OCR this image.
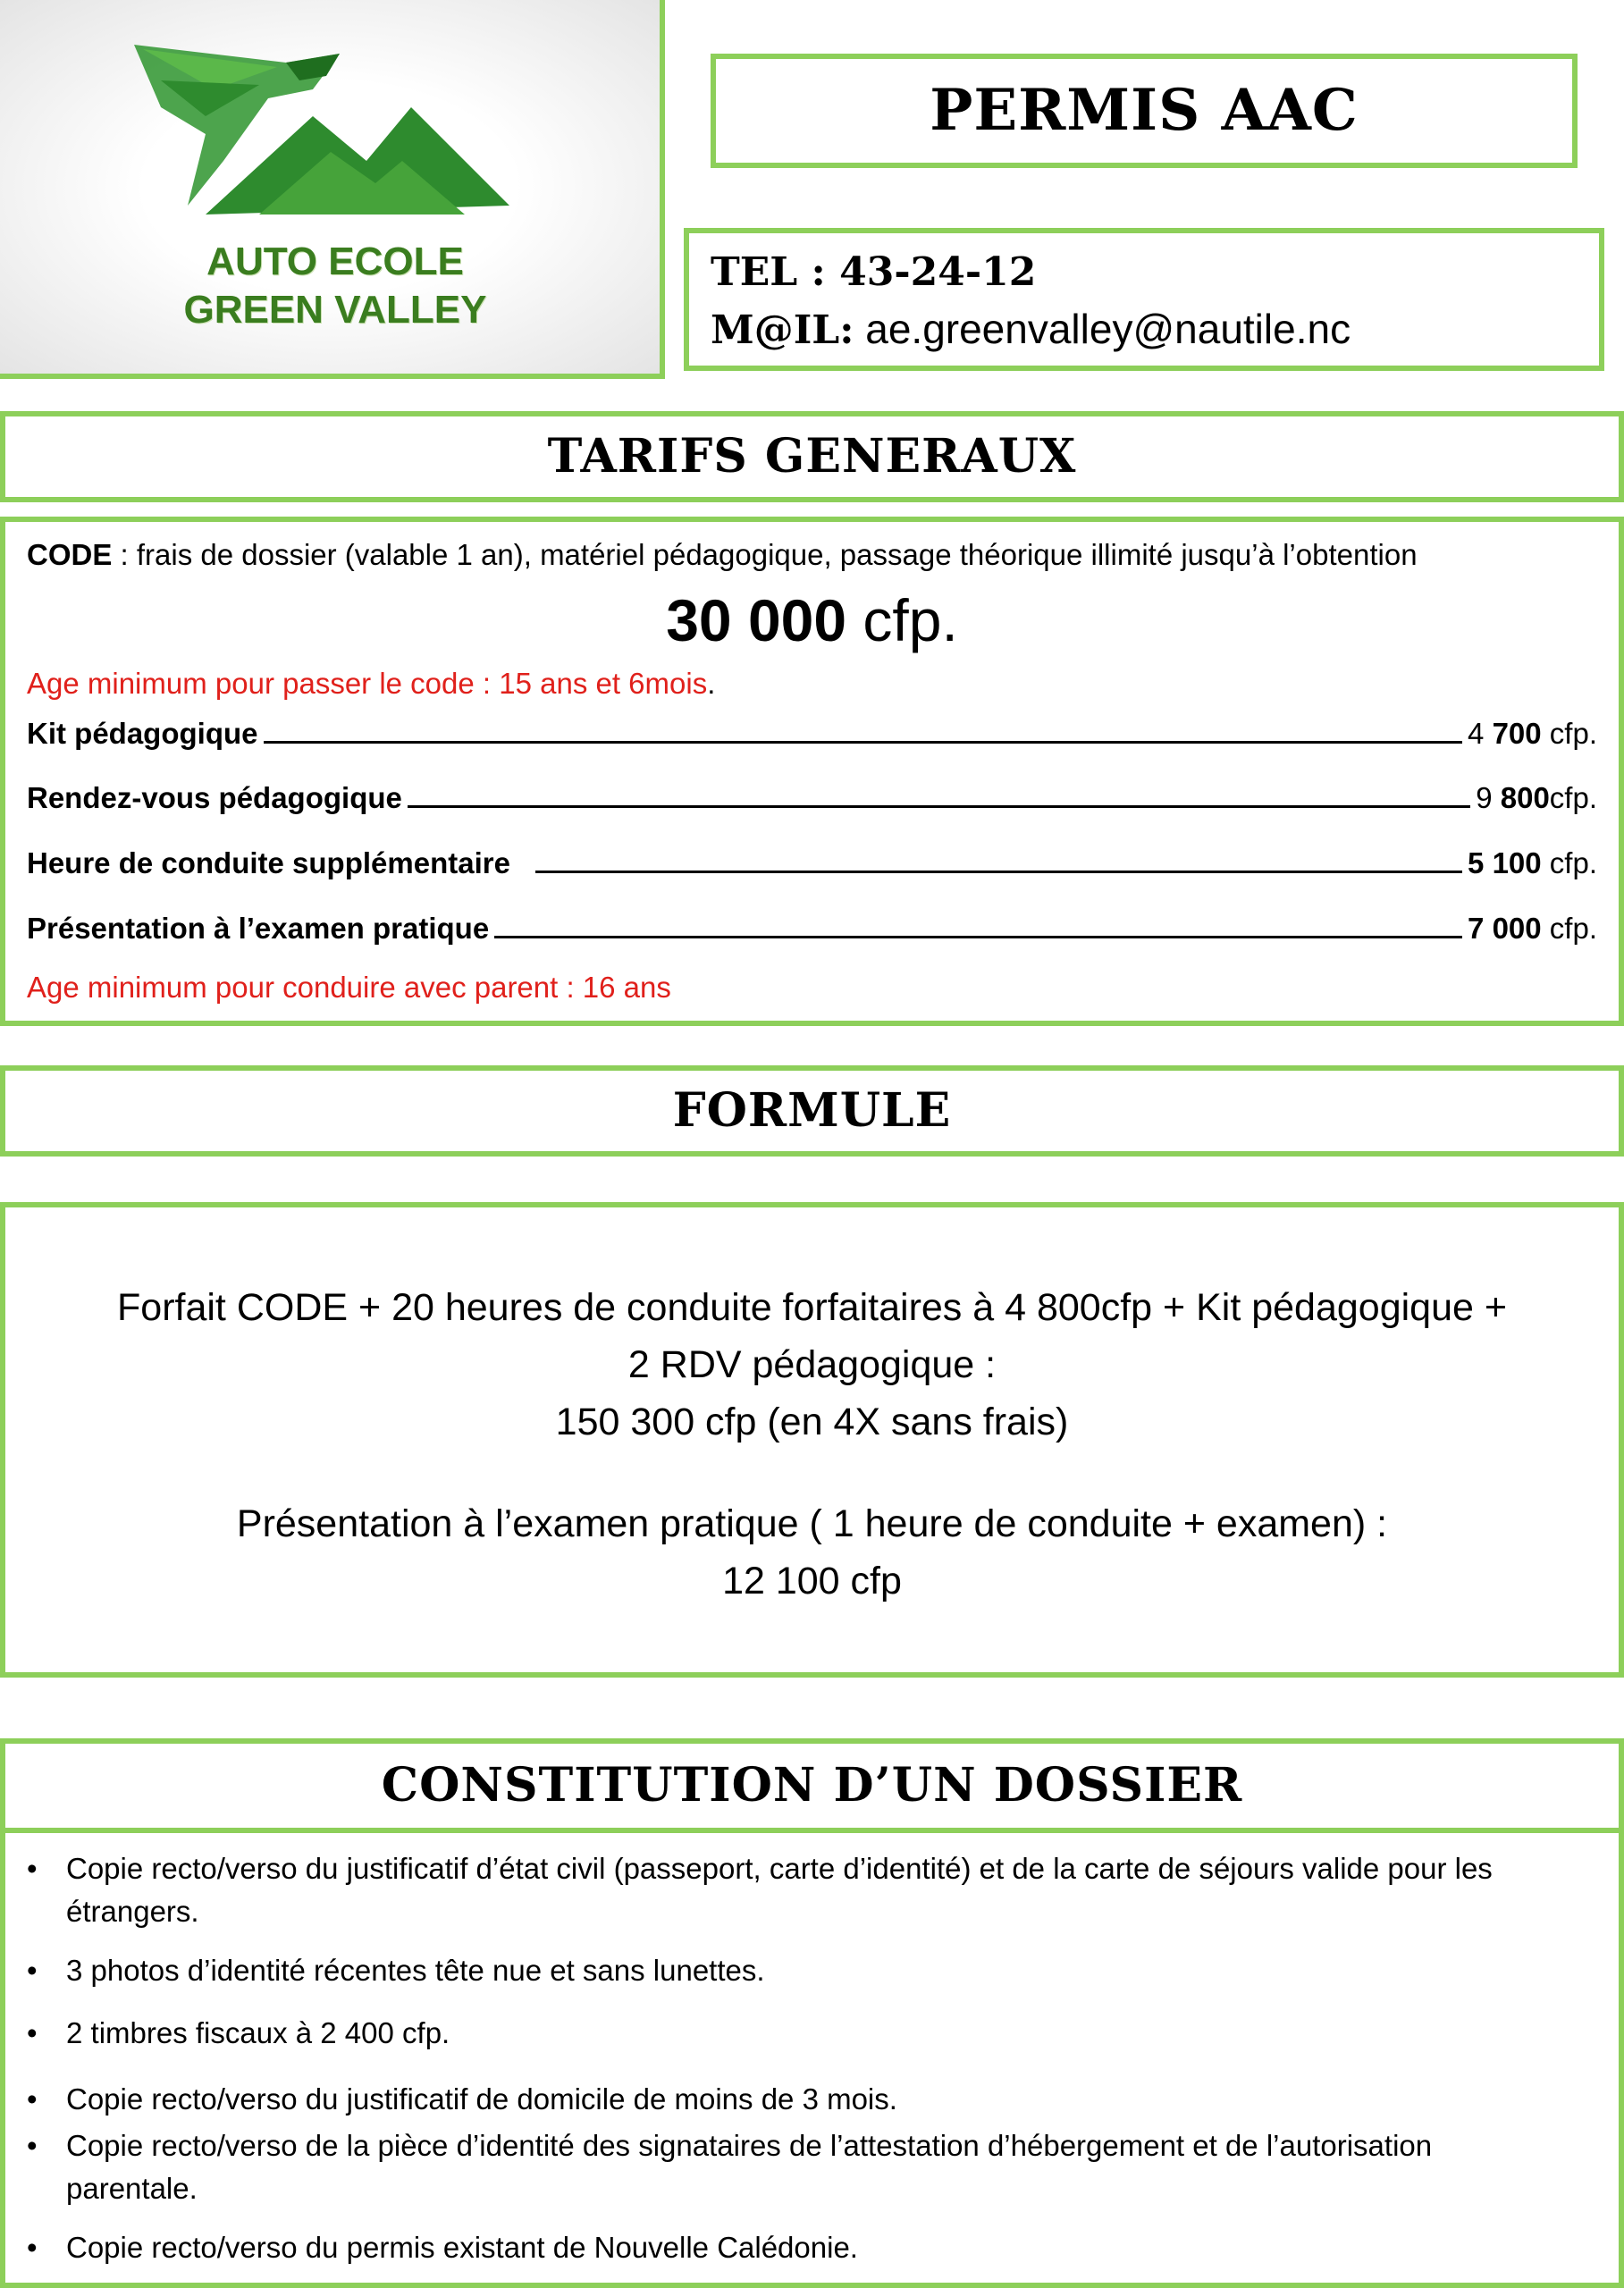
AUTO ECOLE
GREEN VALLEY
PERMIS AAC
TEL : 43-24-12
M@IL: ae.greenvalley@nautile.nc
TARIFS GENERAUX
CODE : frais de dossier (valable 1 an), matériel pédagogique, passage théorique illimité jusqu’à l’obtention
30 000 cfp.
Age minimum pour passer le code : 15 ans et 6mois.
Kit pédagogique	4 700 cfp.
Rendez-vous pédagogique	9 800cfp.
Heure de conduite supplémentaire	5 100 cfp.
Présentation à l’examen pratique	7 000 cfp.
Age minimum pour conduire avec parent : 16 ans
FORMULE
Forfait CODE + 20 heures de conduite forfaitaires à 4 800cfp + Kit pédagogique +
2 RDV pédagogique :
150 300 cfp (en 4X sans frais)
Présentation à l’examen pratique ( 1 heure de conduite + examen) :
12 100 cfp
CONSTITUTION D’UN DOSSIER
• Copie recto/verso du justificatif d’état civil (passeport, carte d’identité) et de la carte de séjours valide pour les étrangers.
• 3 photos d’identité récentes tête nue et sans lunettes.
• 2 timbres fiscaux à 2 400 cfp.
• Copie recto/verso du justificatif de domicile de moins de 3 mois.
• Copie recto/verso de la pièce d’identité des signataires de l’attestation d’hébergement et de l’autorisation parentale.
• Copie recto/verso du permis existant de Nouvelle Calédonie.
